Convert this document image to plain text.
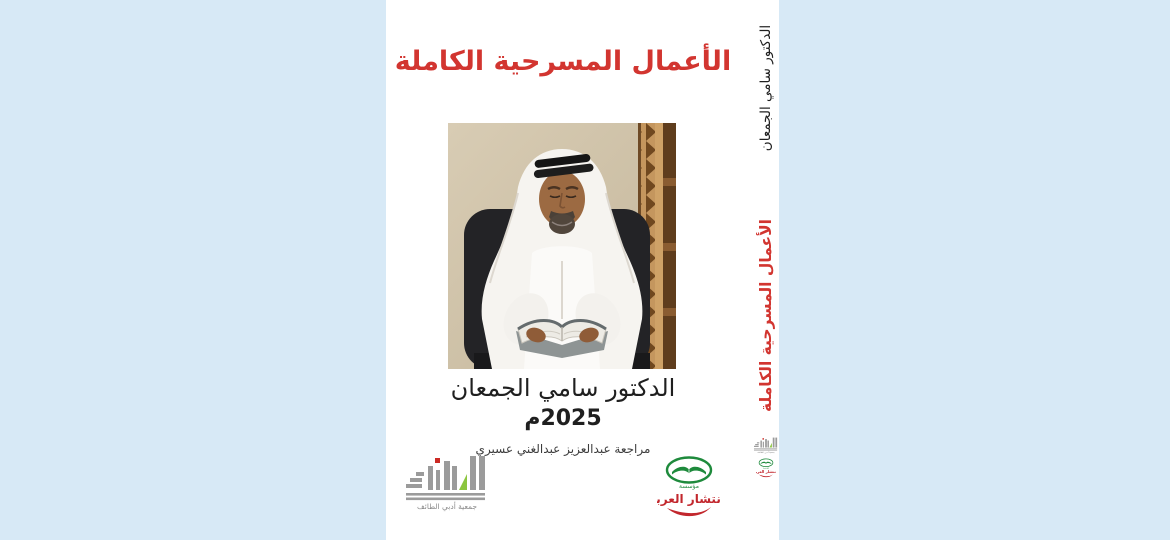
الأعمال المسرحية الكاملة
الدكتور سامي الجمعان
2025م
مراجعة عبدالعزيز عبدالغني عسيري
الدكتور سامي الجمعان
الأعمال المسرحية الكاملة
